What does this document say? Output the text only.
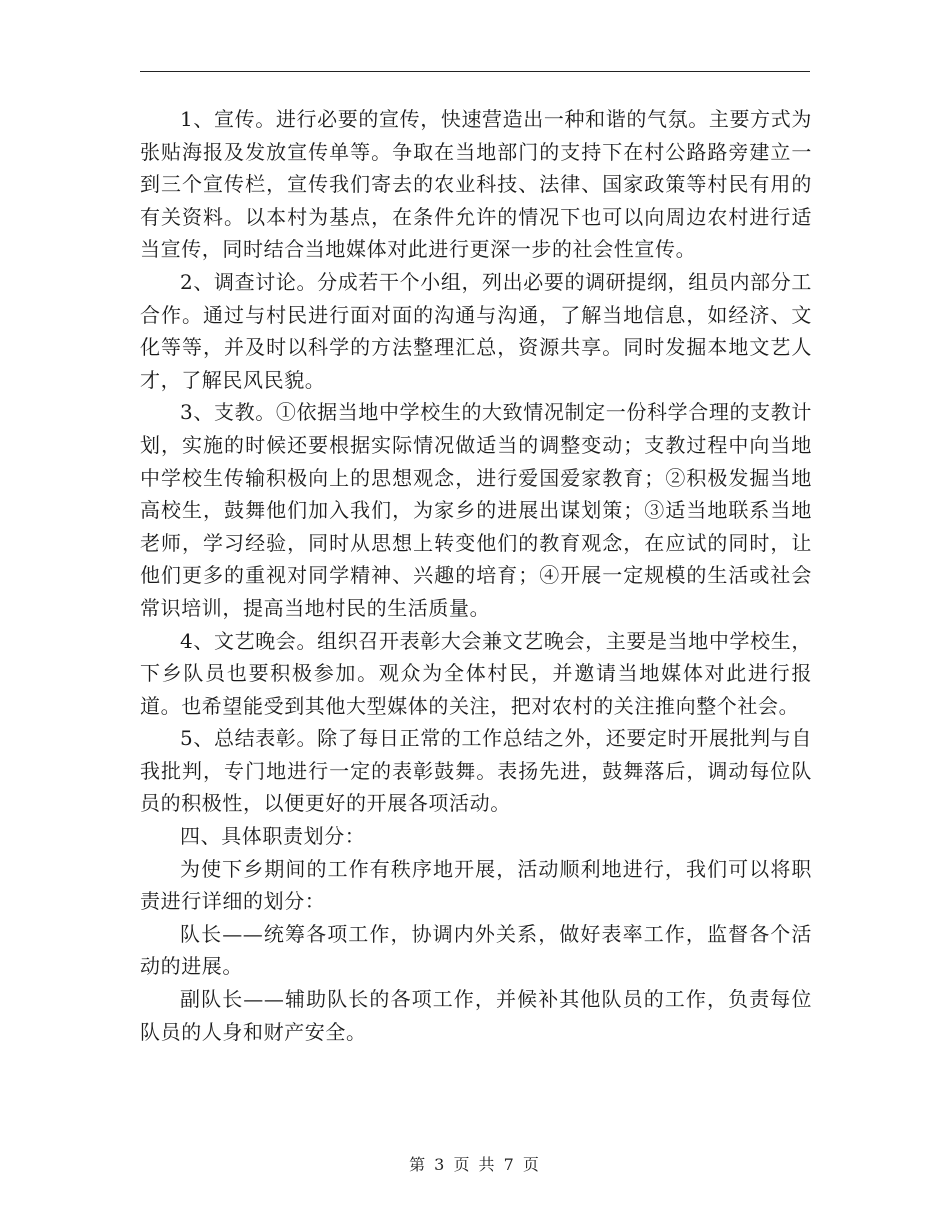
1、宣传。进行必要的宣传，快速营造出一种和谐的气氛。主要方式为张贴海报及发放宣传单等。争取在当地部门的支持下在村公路路旁建立一到三个宣传栏，宣传我们寄去的农业科技、法律、国家政策等村民有用的有关资料。以本村为基点，在条件允许的情况下也可以向周边农村进行适当宣传，同时结合当地媒体对此进行更深一步的社会性宣传。

2、调查讨论。分成若干个小组，列出必要的调研提纲，组员内部分工合作。通过与村民进行面对面的沟通与沟通，了解当地信息，如经济、文化等等，并及时以科学的方法整理汇总，资源共享。同时发掘本地文艺人才，了解民风民貌。

3、支教。①依据当地中学校生的大致情况制定一份科学合理的支教计划，实施的时候还要根据实际情况做适当的调整变动；支教过程中向当地中学校生传输积极向上的思想观念，进行爱国爱家教育；②积极发掘当地高校生，鼓舞他们加入我们，为家乡的进展出谋划策；③适当地联系当地老师，学习经验，同时从思想上转变他们的教育观念，在应试的同时，让他们更多的重视对同学精神、兴趣的培育；④开展一定规模的生活或社会常识培训，提高当地村民的生活质量。

4、文艺晚会。组织召开表彰大会兼文艺晚会，主要是当地中学校生，下乡队员也要积极参加。观众为全体村民，并邀请当地媒体对此进行报道。也希望能受到其他大型媒体的关注，把对农村的关注推向整个社会。

5、总结表彰。除了每日正常的工作总结之外，还要定时开展批判与自我批判，专门地进行一定的表彰鼓舞。表扬先进，鼓舞落后，调动每位队员的积极性，以便更好的开展各项活动。

四、具体职责划分：

为使下乡期间的工作有秩序地开展，活动顺利地进行，我们可以将职责进行详细的划分：

队长——统筹各项工作，协调内外关系，做好表率工作，监督各个活动的进展。

副队长——辅助队长的各项工作，并候补其他队员的工作，负责每位队员的人身和财产安全。

第 3 页 共 7 页
